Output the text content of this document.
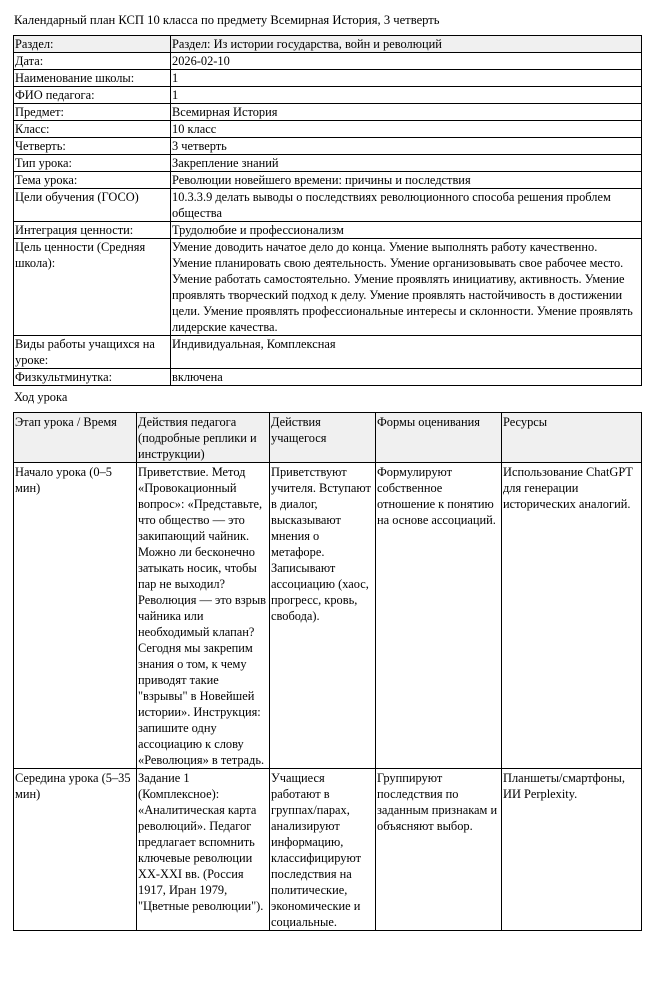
Календарный план КСП 10 класса по предмету Всемирная История, 3 четверть
Раздел:	Раздел: Из истории государства, войн и революций
Дата:	2026-02-10
Наименование школы:	1
ФИО педагога:	1
Предмет:	Всемирная История
Класс:	10 класс
Четверть:	3 четверть
Тип урока:	Закрепление знаний
Тема урока:	Революции новейшего времени: причины и последствия
Цели обучения (ГОСО)	10.3.3.9 делать выводы о последствиях революционного способа решения проблем общества
Интеграция ценности:	Трудолюбие и профессионализм
Цель ценности (Средняя школа):	Умение доводить начатое дело до конца. Умение выполнять работу качественно. Умение планировать свою деятельность. Умение организовывать свое рабочее место. Умение работать самостоятельно. Умение проявлять инициативу, активность. Умение проявлять творческий подход к делу. Умение проявлять настойчивость в достижении цели. Умение проявлять профессиональные интересы и склонности. Умение проявлять лидерские качества.
Виды работы учащихся на уроке:	Индивидуальная, Комплексная
Физкультминутка:	включена
Ход урока
Этап урока / Время	Действия педагога (подробные реплики и инструкции)	Действия учащегося	Формы оценивания	Ресурсы
Начало урока (0–5 мин)	Приветствие. Метод «Провокационный вопрос»: «Представьте, что общество — это закипающий чайник. Можно ли бесконечно затыкать носик, чтобы пар не выходил? Революция — это взрыв чайника или необходимый клапан? Сегодня мы закрепим знания о том, к чему приводят такие "взрывы" в Новейшей истории». Инструкция: запишите одну ассоциацию к слову «Революция» в тетрадь.	Приветствуют учителя. Вступают в диалог, высказывают мнения о метафоре. Записывают ассоциацию (хаос, прогресс, кровь, свобода).	Формулируют собственное отношение к понятию на основе ассоциаций.	Использование ChatGPT для генерации исторических аналогий.
Середина урока (5–35 мин)	Задание 1 (Комплексное): «Аналитическая карта революций». Педагог предлагает вспомнить ключевые революции XX-XXI вв. (Россия 1917, Иран 1979, "Цветные революции").	Учащиеся работают в группах/парах, анализируют информацию, классифицируют последствия на политические, экономические и социальные.	Группируют последствия по заданным признакам и объясняют выбор.	Планшеты/смартфоны, ИИ Perplexity.
